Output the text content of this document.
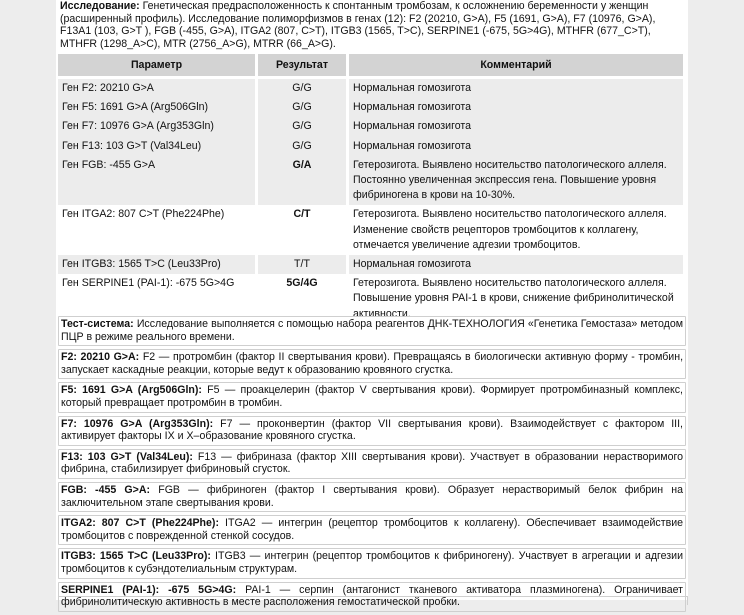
Исследование: Генетическая предрасположенность к спонтанным тромбозам, к осложнению беременности у женщин (расширенный профиль). Исследование полиморфизмов в генах (12): F2 (20210, G>A), F5 (1691, G>A), F7 (10976, G>A), F13A1 (103, G>T ), FGB (-455, G>A), ITGA2 (807, C>T), ITGB3 (1565, T>C), SERPINE1 (-675, 5G>4G), MTHFR (677_C>T), MTHFR (1298_A>C), MTR (2756_A>G), MTRR (66_A>G).
Параметр	Результат	Комментарий
Ген F2: 20210 G>A	G/G	Нормальная гомозигота
Ген F5: 1691 G>A (Arg506Gln)	G/G	Нормальная гомозигота
Ген F7: 10976 G>A (Arg353Gln)	G/G	Нормальная гомозигота
Ген F13: 103 G>T (Val34Leu)	G/G	Нормальная гомозигота
Ген FGB: -455 G>A	G/A	Гетерозигота. Выявлено носительство патологического аллеля. Постоянно увеличенная экспрессия гена. Повышение уровня фибриногена в крови на 10-30%.
Ген ITGA2: 807 C>T (Phe224Phe)	C/T	Гетерозигота. Выявлено носительство патологического аллеля. Изменение свойств рецепторов тромбоцитов к коллагену, отмечается увеличение адгезии тромбоцитов.
Ген ITGB3: 1565 T>C (Leu33Pro)	T/T	Нормальная гомозигота
Ген SERPINE1 (PAI-1): -675 5G>4G	5G/4G	Гетерозигота. Выявлено носительство патологического аллеля. Повышение уровня PAI-1 в крови, снижение фибринолитической активности.
Тест-система: Исследование выполняется с помощью набора реагентов ДНК-ТЕХНОЛОГИЯ «Генетика Гемостаза» методом ПЦР в режиме реального времени.
F2: 20210 G>A: F2 — протромбин (фактор II свертывания крови). Превращаясь в биологически активную форму - тромбин, запускает каскадные реакции, которые ведут к образованию кровяного сгустка.
F5: 1691 G>A (Arg506Gln): F5 — проакцелерин (фактор V свертывания крови). Формирует протромбиназный комплекс, который превращает протромбин в тромбин.
F7: 10976 G>A (Arg353Gln): F7 — проконвертин (фактор VII свертывания крови). Взаимодействует с фактором III, активирует факторы IX и X–образование кровяного сгустка.
F13: 103 G>T (Val34Leu): F13 — фибриназа (фактор XIII свертывания крови). Участвует в образовании нерастворимого фибрина, стабилизирует фибриновый сгусток.
FGB: -455 G>A: FGB — фибриноген (фактор I свертывания крови). Образует нерастворимый белок фибрин на заключительном этапе свертывания крови.
ITGA2: 807 C>T (Phe224Phe): ITGA2 — интегрин (рецептор тромбоцитов к коллагену). Обеспечивает взаимодействие тромбоцитов с поврежденной стенкой сосудов.
ITGB3: 1565 T>C (Leu33Pro): ITGB3 — интегрин (рецептор тромбоцитов к фибриногену). Участвует в агрегации и адгезии тромбоцитов к субэндотелиальным структурам.
SERPINE1 (PAI-1): -675 5G>4G: PAI-1 — серпин (антагонист тканевого активатора плазминогена). Ограничивает фибринолитическую активность в месте расположения гемостатической пробки.
